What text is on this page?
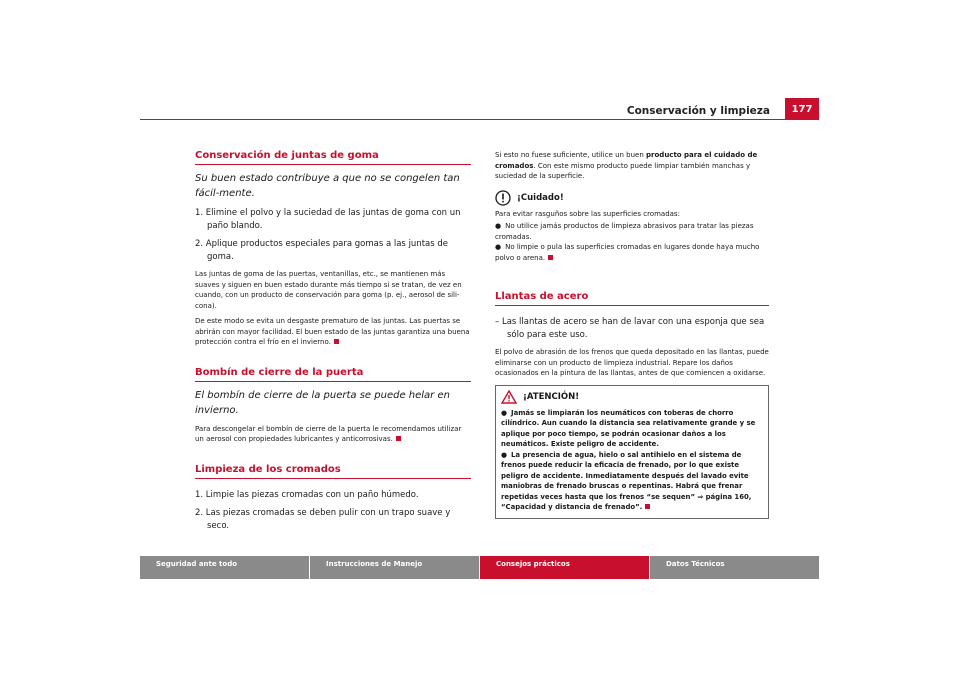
Conservación y limpieza	177
Conservación de juntas de goma

Su buen estado contribuye a que no se congelen tan fácil-mente.

1. Elimine el polvo y la suciedad de las juntas de goma con un paño blando.

2. Aplique productos especiales para gomas a las juntas de goma.

Las juntas de goma de las puertas, ventanillas, etc., se mantienen más suaves y siguen en buen estado durante más tiempo si se tratan, de vez en cuando, con un producto de conservación para goma (p. ej., aerosol de sili-cona).

De este modo se evita un desgaste prematuro de las juntas. Las puertas se abrirán con mayor facilidad. El buen estado de las juntas garantiza una buena protección contra el frío en el invierno.

Bombín de cierre de la puerta

El bombín de cierre de la puerta se puede helar en invierno.

Para descongelar el bombín de cierre de la puerta le recomendamos utilizar un aerosol con propiedades lubricantes y anticorrosivas.

Limpieza de los cromados

1. Limpie las piezas cromadas con un paño húmedo.

2. Las piezas cromadas se deben pulir con un trapo suave y seco.

Si esto no fuese suficiente, utilice un buen producto para el cuidado de cromados. Con este mismo producto puede limpiar también manchas y suciedad de la superficie.

¡Cuidado!

Para evitar rasguños sobre las superficies cromadas:

● No utilice jamás productos de limpieza abrasivos para tratar las piezas cromadas.

● No limpie o pula las superficies cromadas en lugares donde haya mucho polvo o arena.

Llantas de acero

– Las llantas de acero se han de lavar con una esponja que sea sólo para este uso.

El polvo de abrasión de los frenos que queda depositado en las llantas, puede eliminarse con un producto de limpieza industrial. Repare los daños ocasionados en la pintura de las llantas, antes de que comiencen a oxidarse.

¡ATENCIÓN!

● Jamás se limpiarán los neumáticos con toberas de chorro cilíndrico. Aun cuando la distancia sea relativamente grande y se aplique por poco tiempo, se podrán ocasionar daños a los neumáticos. Existe peligro de accidente.

● La presencia de agua, hielo o sal antihielo en el sistema de frenos puede reducir la eficacia de frenado, por lo que existe peligro de accidente. Inmediatamente después del lavado evite maniobras de frenado bruscas o repentinas. Habrá que frenar repetidas veces hasta que los frenos “se sequen” ⇒ página 160, “Capacidad y distancia de frenado”.

Seguridad ante todo	Instrucciones de Manejo	Consejos prácticos	Datos Técnicos
